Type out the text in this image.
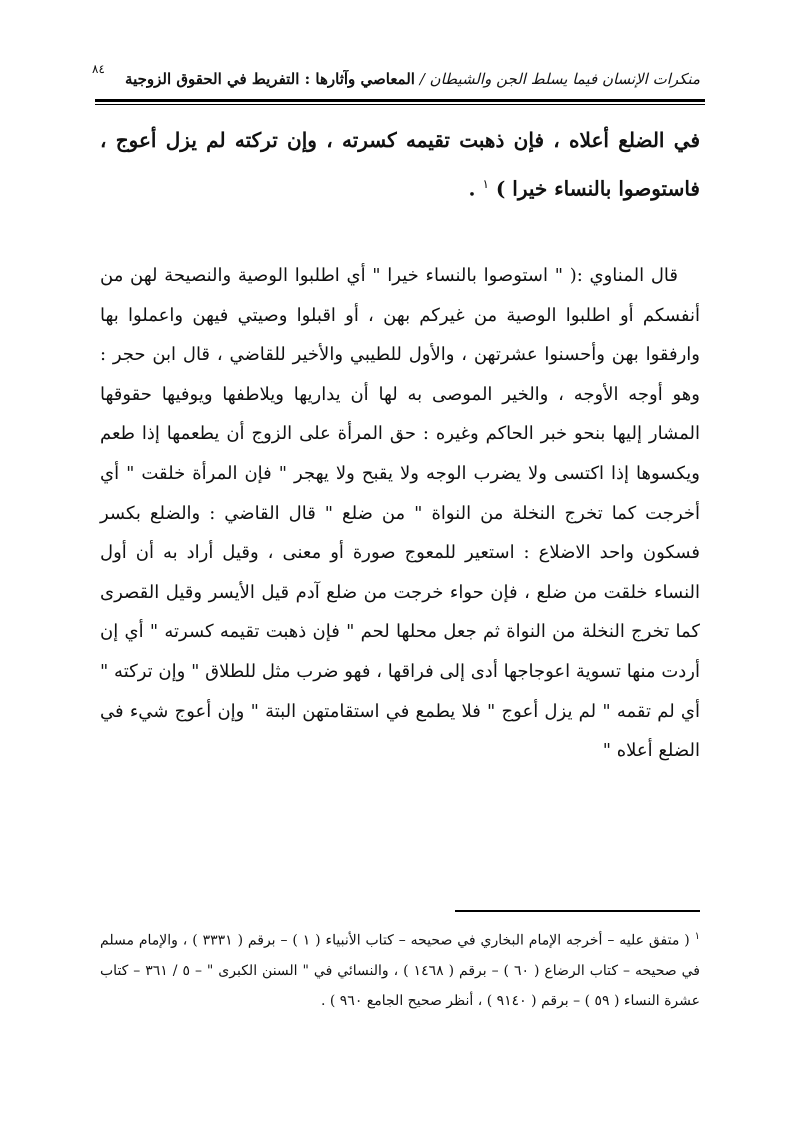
منكرات الإنسان فيما يسلط الجن والشيطان / المعاصي وآثارها : التفريط في الحقوق الزوجية
٨٤
في الضلع أعلاه ، فإن ذهبت تقيمه كسرته ، وإن تركته لم يزل أعوج ، فاستوصوا بالنساء خيرا ) $^١$ .

قال المناوي :( " استوصوا بالنساء خيرا " أي اطلبوا الوصية والنصيحة لهن من أنفسكم أو اطلبوا الوصية من غيركم بهن ، أو اقبلوا وصيتي فيهن واعملوا بها وارفقوا بهن وأحسنوا عشرتهن ، والأول للطيبي والأخير للقاضي ، قال ابن حجر : وهو أوجه الأوجه ، والخير الموصى به لها أن يداريها ويلاطفها ويوفيها حقوقها المشار إليها بنحو خبر الحاكم وغيره : حق المرأة على الزوج أن يطعمها إذا طعم ويكسوها إذا اكتسى ولا يضرب الوجه ولا يقبح ولا يهجر " فإن المرأة خلقت " أي أخرجت كما تخرج النخلة من النواة " من ضلع " قال القاضي : والضلع بكسر فسكون واحد الاضلاع : استعير للمعوج صورة أو معنى ، وقيل أراد به أن أول النساء خلقت من ضلع ، فإن حواء خرجت من ضلع آدم قيل الأيسر وقيل القصرى كما تخرج النخلة من النواة ثم جعل محلها لحم " فإن ذهبت تقيمه كسرته " أي إن أردت منها تسوية اعوجاجها أدى إلى فراقها ، فهو ضرب مثل للطلاق " وإن تركته " أي لم تقمه " لم يزل أعوج " فلا يطمع في استقامتهن البتة " وإن أعوج شيء في الضلع أعلاه "

$^١$ ( متفق عليه – أخرجه الإمام البخاري في صحيحه – كتاب الأنبياء ( ١ ) – برقم ( ٣٣٣١ ) ، والإمام مسلم في صحيحه – كتاب الرضاع ( ٦٠ ) – برقم ( ١٤٦٨ ) ، والنسائي في " السنن الكبرى " – ٥ / ٣٦١ – كتاب عشرة النساء ( ٥٩ ) – برقم ( ٩١٤٠ ) ، أنظر صحيح الجامع ٩٦٠ ) .
